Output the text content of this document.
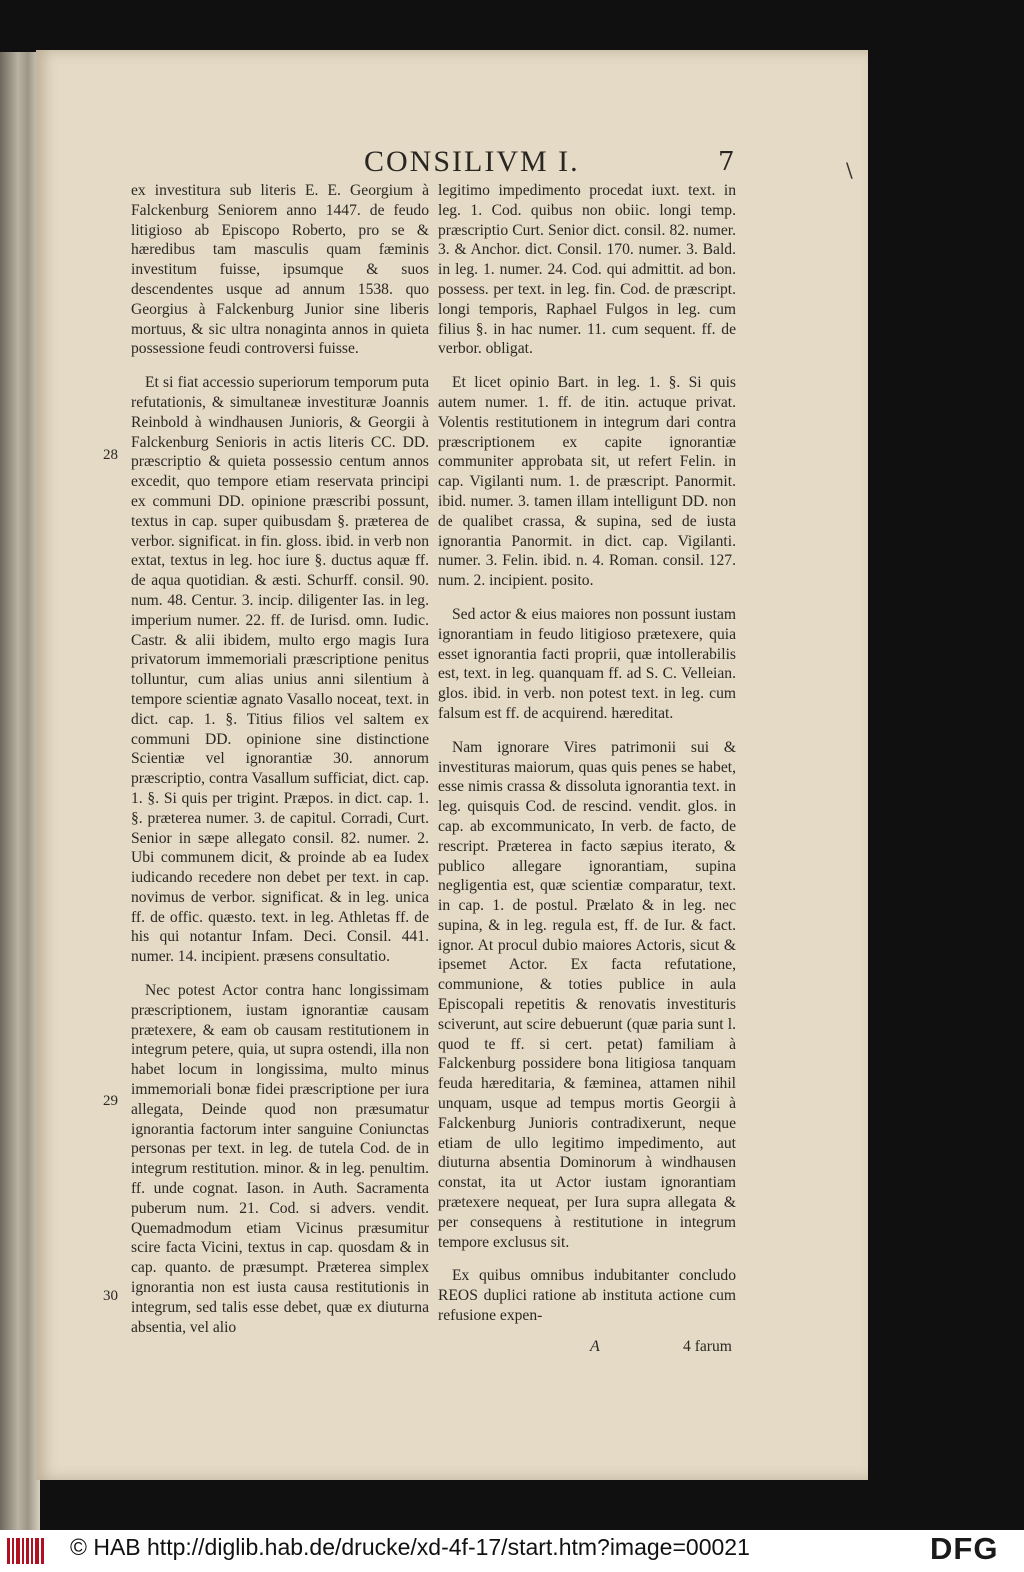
CONSILIVM I.	7	\
28
29
30

ex investitura sub literis E. E. Georgium à Falckenburg Seniorem anno 1447. de feudo litigioso ab Episcopo Roberto, pro se & hæredibus tam masculis quam fæminis investitum fuisse, ipsumque & suos descendentes usque ad annum 1538. quo Georgius à Falckenburg Junior sine liberis mortuus, & sic ultra nonaginta annos in quieta possessione feudi controversi fuisse.

Et si fiat accessio superiorum temporum puta refutationis, & simultaneæ investituræ Joannis Reinbold à windhausen Junioris, & Georgii à Falckenburg Senioris in actis literis CC. DD. præscriptio & quieta possessio centum annos excedit, quo tempore etiam reservata principi ex communi DD. opinione præscribi possunt, textus in cap. super quibusdam §. præterea de verbor. significat. in fin. gloss. ibid. in verb non extat, textus in leg. hoc iure §. ductus aquæ ff. de aqua quotidian. & æsti. Schurff. consil. 90. num. 48. Centur. 3. incip. diligenter Ias. in leg. imperium numer. 22. ff. de Iurisd. omn. Iudic. Castr. & alii ibidem, multo ergo magis Iura privatorum immemoriali præscriptione penitus tolluntur, cum alias unius anni silentium à tempore scientiæ agnato Vasallo noceat, text. in dict. cap. 1. §. Titius filios vel saltem ex communi DD. opinione sine distinctione Scientiæ vel ignorantiæ 30. annorum præscriptio, contra Vasallum sufficiat, dict. cap. 1. §. Si quis per trigint. Præpos. in dict. cap. 1. §. præterea numer. 3. de capitul. Corradi, Curt. Senior in sæpe allegato consil. 82. numer. 2. Ubi communem dicit, & proinde ab ea Iudex iudicando recedere non debet per text. in cap. novimus de verbor. significat. & in leg. unica ff. de offic. quæsto. text. in leg. Athletas ff. de his qui notantur Infam. Deci. Consil. 441. numer. 14. incipient. præsens consultatio.

Nec potest Actor contra hanc longissimam præscriptionem, iustam ignorantiæ causam prætexere, & eam ob causam restitutionem in integrum petere, quia, ut supra ostendi, illa non habet locum in longissima, multo minus immemoriali bonæ fidei præscriptione per iura allegata, Deinde quod non præsumatur ignorantia factorum inter sanguine Coniunctas personas per text. in leg. de tutela Cod. de in integrum restitution. minor. & in leg. penultim. ff. unde cognat. Iason. in Auth. Sacramenta puberum num. 21. Cod. si advers. vendit. Quemadmodum etiam Vicinus præsumitur scire facta Vicini, textus in cap. quosdam & in cap. quanto. de præsumpt. Præterea simplex ignorantia non est iusta causa restitutionis in integrum, sed talis esse debet, quæ ex diuturna absentia, vel alio

legitimo impedimento procedat iuxt. text. in leg. 1. Cod. quibus non obiic. longi temp. præscriptio Curt. Senior dict. consil. 82. numer. 3. & Anchor. dict. Consil. 170. numer. 3. Bald. in leg. 1. numer. 24. Cod. qui admittit. ad bon. possess. per text. in leg. fin. Cod. de præscript. longi temporis, Raphael Fulgos in leg. cum filius §. in hac numer. 11. cum sequent. ff. de verbor. obligat.

Et licet opinio Bart. in leg. 1. §. Si quis autem numer. 1. ff. de itin. actuque privat. Volentis restitutionem in integrum dari contra præscriptionem ex capite ignorantiæ communiter approbata sit, ut refert Felin. in cap. Vigilanti num. 1. de præscript. Panormit. ibid. numer. 3. tamen illam intelligunt DD. non de qualibet crassa, & supina, sed de iusta ignorantia Panormit. in dict. cap. Vigilanti. numer. 3. Felin. ibid. n. 4. Roman. consil. 127. num. 2. incipient. posito.

Sed actor & eius maiores non possunt iustam ignorantiam in feudo litigioso prætexere, quia esset ignorantia facti proprii, quæ intollerabilis est, text. in leg. quanquam ff. ad S. C. Velleian. glos. ibid. in verb. non potest text. in leg. cum falsum est ff. de acquirend. hæreditat.

Nam ignorare Vires patrimonii sui & investituras maiorum, quas quis penes se habet, esse nimis crassa & dissoluta ignorantia text. in leg. quisquis Cod. de rescind. vendit. glos. in cap. ab excommunicato, In verb. de facto, de rescript. Præterea in facto sæpius iterato, & publico allegare ignorantiam, supina negligentia est, quæ scientiæ comparatur, text. in cap. 1. de postul. Prælato & in leg. nec supina, & in leg. regula est, ff. de Iur. & fact. ignor. At procul dubio maiores Actoris, sicut & ipsemet Actor. Ex facta refutatione, communione, & toties publice in aula Episcopali repetitis & renovatis investituris sciverunt, aut scire debuerunt (quæ paria sunt l. quod te ff. si cert. petat) familiam à Falckenburg possidere bona litigiosa tanquam feuda hæreditaria, & fæminea, attamen nihil unquam, usque ad tempus mortis Georgii à Falckenburg Junioris contradixerunt, neque etiam de ullo legitimo impedimento, aut diuturna absentia Dominorum à windhausen constat, ita ut Actor iustam ignorantiam prætexere nequeat, per Iura supra allegata & per consequens à restitutione in integrum tempore exclusus sit.

Ex quibus omnibus indubitanter concludo REOS duplici ratione ab instituta actione cum refusione expen-

A	4 farum
© HAB http://diglib.hab.de/drucke/xd-4f-17/start.htm?image=00021	DFG
